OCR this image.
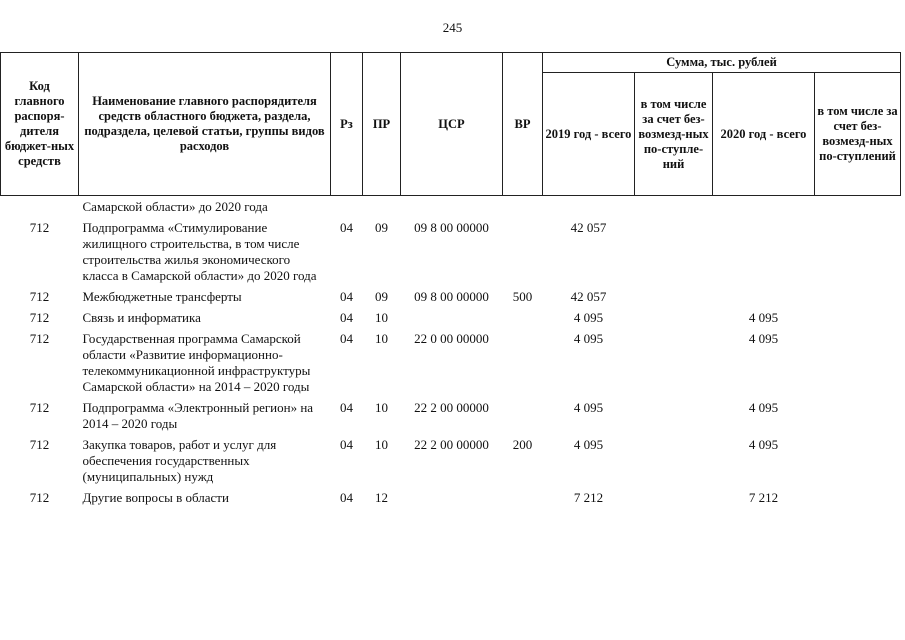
245
Код главного распоря-дителя бюджет-ных средств	Наименование главного распорядителя средств областного бюджета, раздела, подраздела, целевой статьи, группы видов расходов	Рз	ПР	ЦСР	ВР	Сумма, тыс. рублей			
						2019 год - всего	в том числе за счет без-возмезд-ных по-ступле-ний	2020 год - всего	в том числе за счет без-возмезд-ных по-ступлений
	Самарской области» до 2020 года								
712	Подпрограмма «Стимулирование жилищного строительства, в том числе строительства жилья экономического класса в Самарской области» до 2020 года	04	09	09 8 00 00000		42 057			
712	Межбюджетные трансферты	04	09	09 8 00 00000	500	42 057			
712	Связь и информатика	04	10			4 095		4 095	
712	Государственная программа Самарской области «Развитие информационно-телекоммуникационной инфраструктуры Самарской области» на 2014 – 2020 годы	04	10	22 0 00 00000		4 095		4 095	
712	Подпрограмма «Электронный регион» на 2014 – 2020 годы	04	10	22 2 00 00000		4 095		4 095	
712	Закупка товаров, работ и услуг для обеспечения государственных (муниципальных) нужд	04	10	22 2 00 00000	200	4 095		4 095	
712	Другие вопросы в области	04	12			7 212		7 212	
